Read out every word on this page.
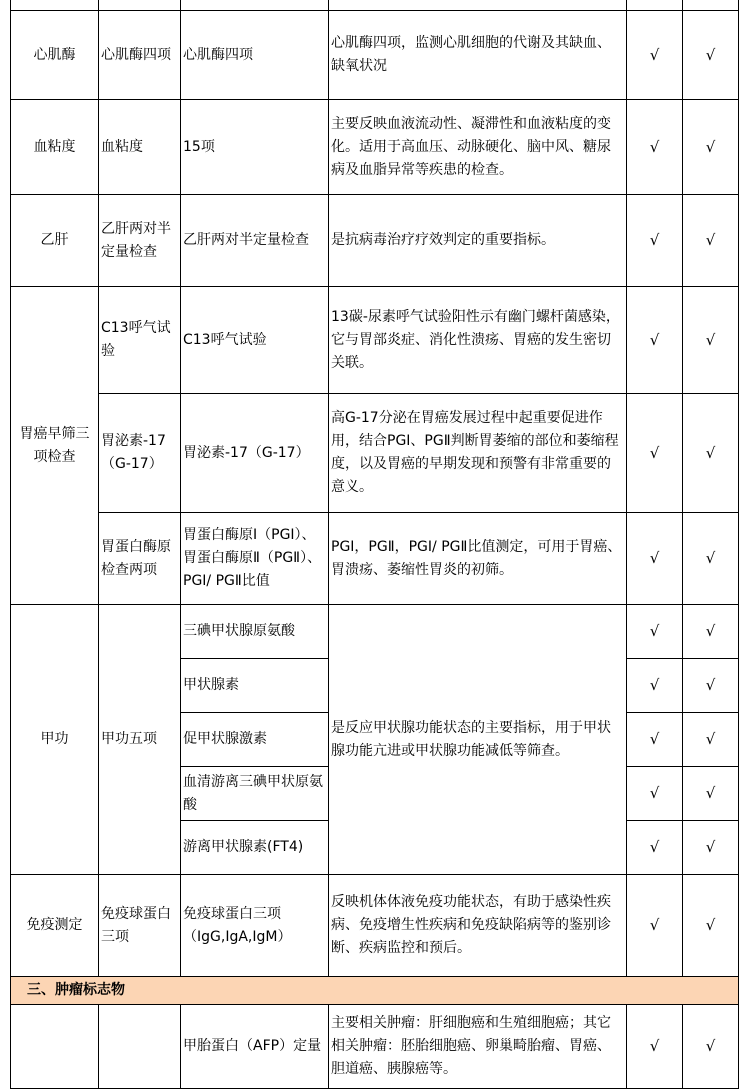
心肌酶	心肌酶四项	心肌酶四项	心肌酶四项，监测心肌细胞的代谢及其缺血、缺氧状况	√	√
血粘度	血粘度	15项	主要反映血液流动性、凝滞性和血液粘度的变化。适用于高血压、动脉硬化、脑中风、糖尿病及血脂异常等疾患的检查。	√	√
乙肝	乙肝两对半定量检查	乙肝两对半定量检查	是抗病毒治疗疗效判定的重要指标。	√	√
胃癌早筛三项检查	C13呼气试验	C13呼气试验	13碳-尿素呼气试验阳性示有幽门螺杆菌感染，它与胃部炎症、消化性溃疡、胃癌的发生密切关联。	√	√
	胃泌素-17（G-17）	胃泌素-17（G-17）	高G-17分泌在胃癌发展过程中起重要促进作用，结合PGⅠ、PGⅡ判断胃萎缩的部位和萎缩程度，以及胃癌的早期发现和预警有非常重要的意义。	√	√
	胃蛋白酶原检查两项	胃蛋白酶原Ⅰ（PGⅠ）、胃蛋白酶原Ⅱ（PGⅡ）、PGⅠ/ PGⅡ比值	PGⅠ，PGⅡ，PGⅠ/ PGⅡ比值测定，可用于胃癌、胃溃疡、萎缩性胃炎的初筛。	√	√
甲功	甲功五项	三碘甲状腺原氨酸	是反应甲状腺功能状态的主要指标，用于甲状腺功能亢进或甲状腺功能减低等筛查。	√	√
		甲状腺素		√	√
		促甲状腺激素		√	√
		血清游离三碘甲状原氨酸		√	√
		游离甲状腺素(FT4)		√	√
免疫测定	免疫球蛋白三项	免疫球蛋白三项（IgG,IgA,IgM）	反映机体体液免疫功能状态，有助于感染性疾病、免疫增生性疾病和免疫缺陷病等的鉴别诊断、疾病监控和预后。	√	√
三、肿瘤标志物					
		甲胎蛋白（AFP）定量	主要相关肿瘤：肝细胞癌和生殖细胞癌；其它相关肿瘤：胚胎细胞癌、卵巢畸胎瘤、胃癌、胆道癌、胰腺癌等。	√	√
